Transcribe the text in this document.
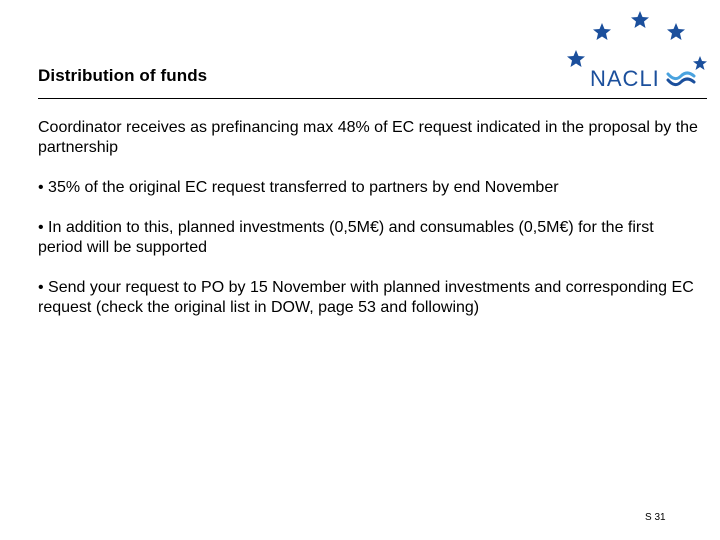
Distribution of funds	NACLI

Coordinator receives as prefinancing max 48% of EC request indicated in the proposal by the partnership

• 35% of the original EC request transferred to partners by end November

• In addition to this, planned investments (0,5M€) and consumables (0,5M€) for the first period will be supported

• Send your request to PO by 15 November with planned investments and corresponding EC request (check the original list in DOW, page 53 and following)

S 31
